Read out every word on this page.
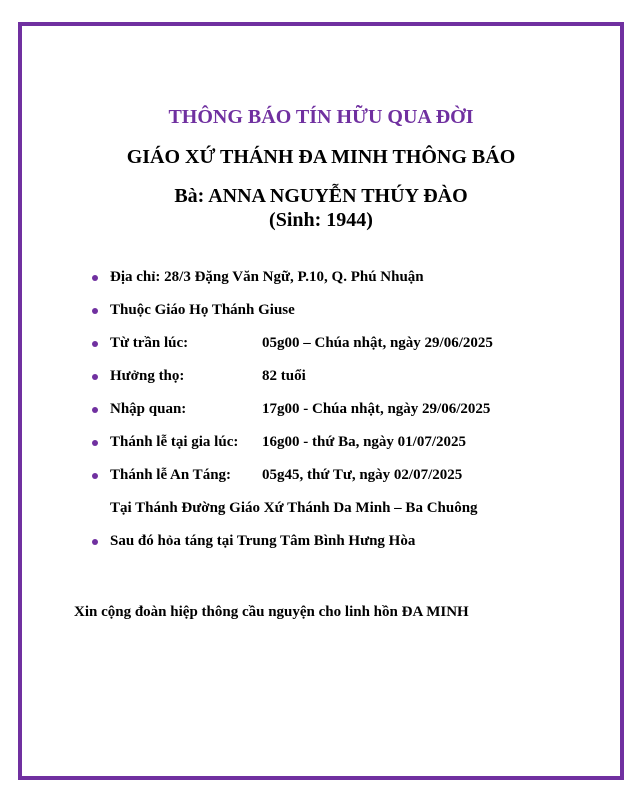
THÔNG BÁO TÍN HỮU QUA ĐỜI
GIÁO XỨ THÁNH ĐA MINH THÔNG BÁO
Bà: ANNA NGUYỄN THÚY ĐÀO
(Sinh: 1944)
Địa chỉ: 28/3 Đặng Văn Ngữ, P.10, Q. Phú Nhuận
Thuộc Giáo Họ Thánh Giuse
Từ trần lúc:	05g00 – Chúa nhật, ngày 29/06/2025
Hưởng thọ:	82 tuổi
Nhập quan:	17g00 - Chúa nhật, ngày 29/06/2025
Thánh lễ tại gia lúc: 16g00 - thứ Ba, ngày 01/07/2025
Thánh lễ An Táng: 05g45, thứ Tư, ngày 02/07/2025
Tại Thánh Đường Giáo Xứ Thánh Da Minh – Ba Chuông
Sau đó hỏa táng tại Trung Tâm Bình Hưng Hòa
Xin cộng đoàn hiệp thông cầu nguyện cho linh hồn ĐA MINH
